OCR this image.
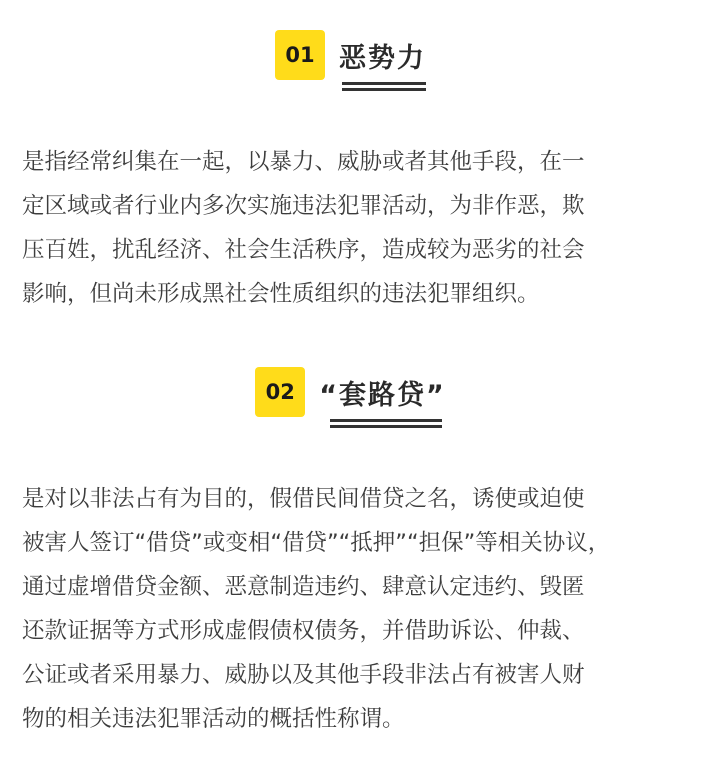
01 恶势力
是指经常纠集在一起，以暴力、威胁或者其他手段，在一
定区域或者行业内多次实施违法犯罪活动，为非作恶，欺
压百姓，扰乱经济、社会生活秩序，造成较为恶劣的社会
影响，但尚未形成黑社会性质组织的违法犯罪组织。
02 “套路贷”
是对以非法占有为目的，假借民间借贷之名，诱使或迫使
被害人签订“借贷”或变相“借贷”“抵押”“担保”等相关协议，
通过虚增借贷金额、恶意制造违约、肆意认定违约、毁匿
还款证据等方式形成虚假债权债务，并借助诉讼、仲裁、
公证或者采用暴力、威胁以及其他手段非法占有被害人财
物的相关违法犯罪活动的概括性称谓。
